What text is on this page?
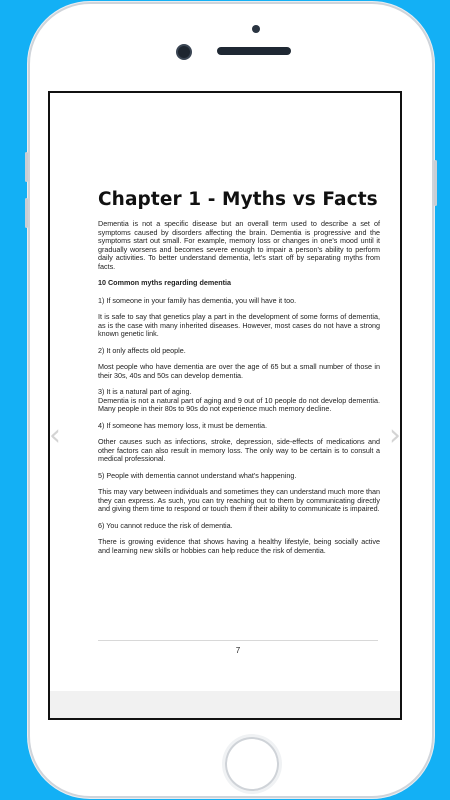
Chapter 1 - Myths vs Facts

Dementia is not a specific disease but an overall term used to describe a set of symptoms caused by disorders affecting the brain. Dementia is progressive and the symptoms start out small. For example, memory loss or changes in one's mood until it gradually worsens and becomes severe enough to impair a person's ability to perform daily activities. To better understand dementia, let's start off by separating myths from facts.

10 Common myths regarding dementia

1) If someone in your family has dementia, you will have it too.

It is safe to say that genetics play a part in the development of some forms of dementia, as is the case with many inherited diseases. However, most cases do not have a strong known genetic link.

2) It only affects old people.

Most people who have dementia are over the age of 65 but a small number of those in their 30s, 40s and 50s can develop dementia.

3) It is a natural part of aging.

Dementia is not a natural part of aging and 9 out of 10 people do not develop dementia. Many people in their 80s to 90s do not experience much memory decline.

4) If someone has memory loss, it must be dementia.

Other causes such as infections, stroke, depression, side-effects of medications and other factors can also result in memory loss. The only way to be certain is to consult a medical professional.

5) People with dementia cannot understand what's happening.

This may vary between individuals and sometimes they can understand much more than they can express. As such, you can try reaching out to them by communicating directly and giving them time to respond or touch them if their ability to communicate is impaired.

6) You cannot reduce the risk of dementia.

There is growing evidence that shows having a healthy lifestyle, being socially active and learning new skills or hobbies can help reduce the risk of dementia.

7
‹	›
